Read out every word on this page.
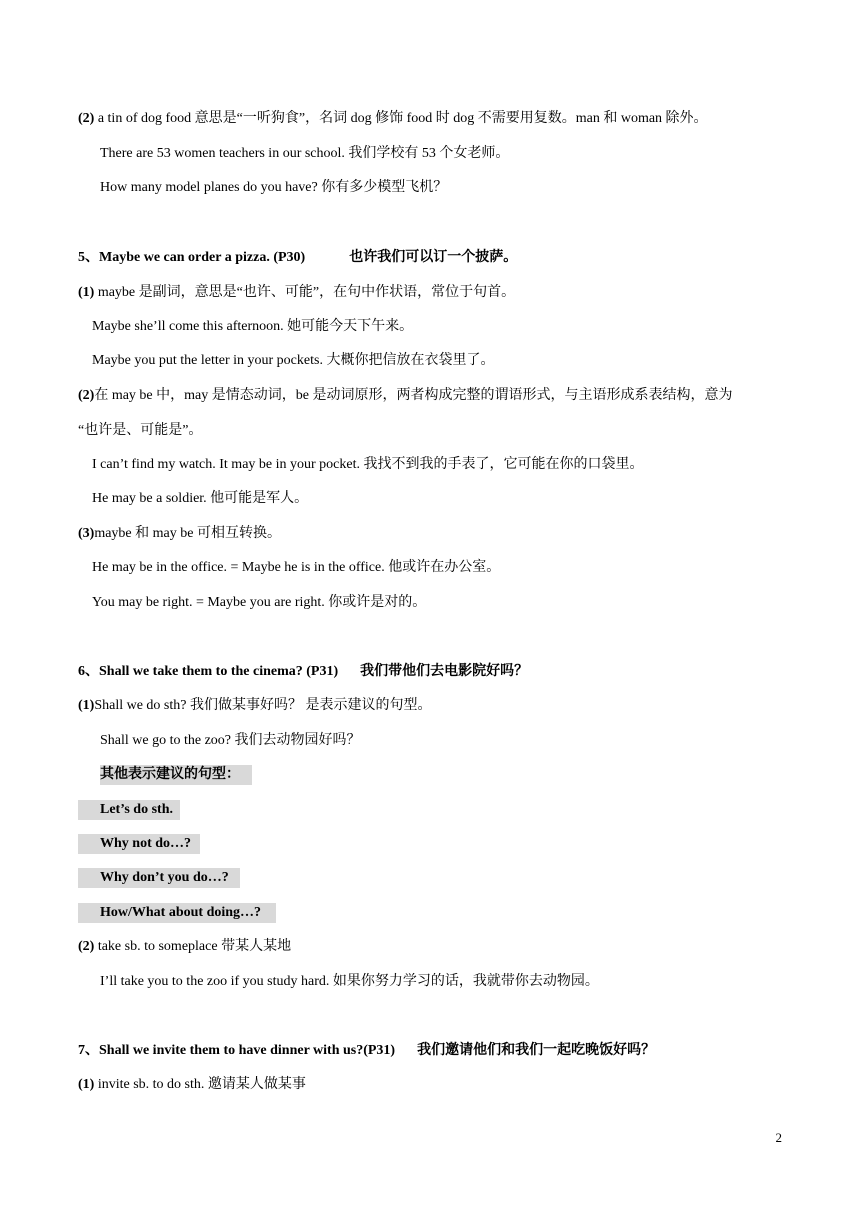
(2) a tin of dog food 意思是“一听狗食”，名词 dog 修饰 food 时 dog 不需要用复数。man 和 woman 除外。
There are 53 women teachers in our school. 我们学校有 53 个女老师。
How many model planes do you have? 你有多少模型飞机？
5、Maybe we can order a pizza. (P30)	也许我们可以订一个披萨。
(1) maybe 是副词，意思是“也许、可能”，在句中作状语，常位于句首。
Maybe she’ll come this afternoon. 她可能今天下午来。
Maybe you put the letter in your pockets. 大概你把信放在衣袋里了。
(2)在 may be 中，may 是情态动词，be 是动词原形，两者构成完整的谓语形式，与主语形成系表结构，意为
“也许是、可能是”。
I can’t find my watch. It may be in your pocket. 我找不到我的手表了，它可能在你的口袋里。
He may be a soldier. 他可能是军人。
(3)maybe 和 may be 可相互转换。
He may be in the office. = Maybe he is in the office. 他或许在办公室。
You may be right. = Maybe you are right. 你或许是对的。
6、Shall we take them to the cinema? (P31) 我们带他们去电影院好吗？
(1)Shall we do sth? 我们做某事好吗？ 是表示建议的句型。
Shall we go to the zoo? 我们去动物园好吗？
其他表示建议的句型：
Let’s do sth.
Why not do…?
Why don’t you do…?
How/What about doing…?
(2) take sb. to someplace 带某人某地
I’ll take you to the zoo if you study hard. 如果你努力学习的话，我就带你去动物园。
7、Shall we invite them to have dinner with us?(P31) 我们邀请他们和我们一起吃晚饭好吗？
(1) invite sb. to do sth. 邀请某人做某事
2
